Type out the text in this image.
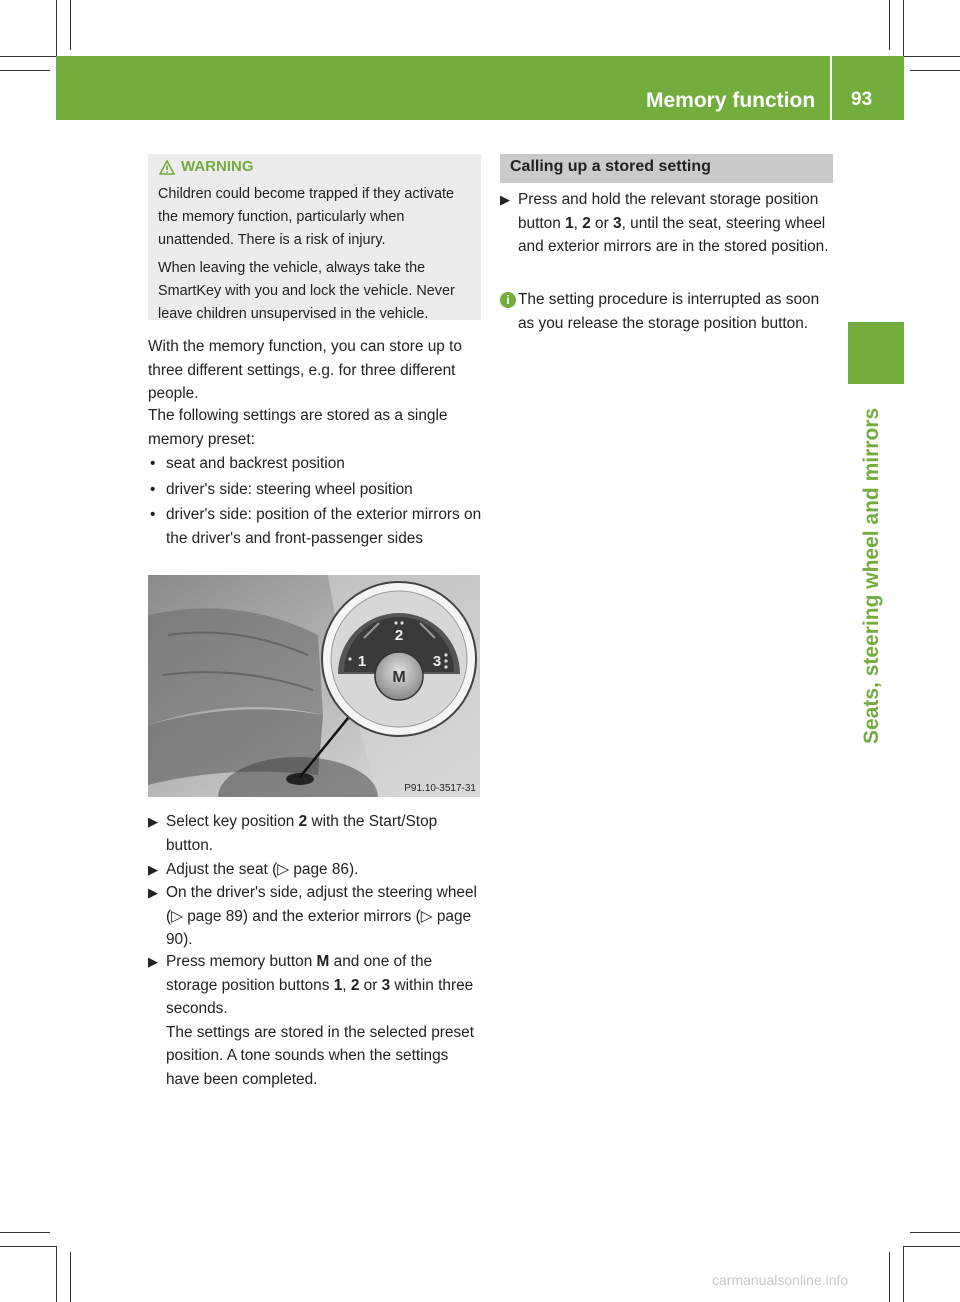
Memory function 93
Seats, steering wheel and mirrors
WARNING

Children could become trapped if they activate the memory function, particularly when unattended. There is a risk of injury.

When leaving the vehicle, always take the SmartKey with you and lock the vehicle. Never leave children unsupervised in the vehicle.

With the memory function, you can store up to three different settings, e.g. for three different people.

The following settings are stored as a single memory preset:

• seat and backrest position
• driver's side: steering wheel position
• driver's side: position of the exterior mirrors on the driver's and front-passenger sides
M
1
2
3
P91.10-3517-31
▶ Select key position 2 with the Start/Stop button.
▶ Adjust the seat (▷ page 86).
▶ On the driver's side, adjust the steering wheel (▷ page 89) and the exterior mirrors (▷ page 90).
▶ Press memory button M and one of the storage position buttons 1, 2 or 3 within three seconds.
The settings are stored in the selected preset position. A tone sounds when the settings have been completed.
Calling up a stored setting
▶ Press and hold the relevant storage position button 1, 2 or 3, until the seat, steering wheel and exterior mirrors are in the stored position.
i The setting procedure is interrupted as soon as you release the storage position button.
carmanualsonline.info
